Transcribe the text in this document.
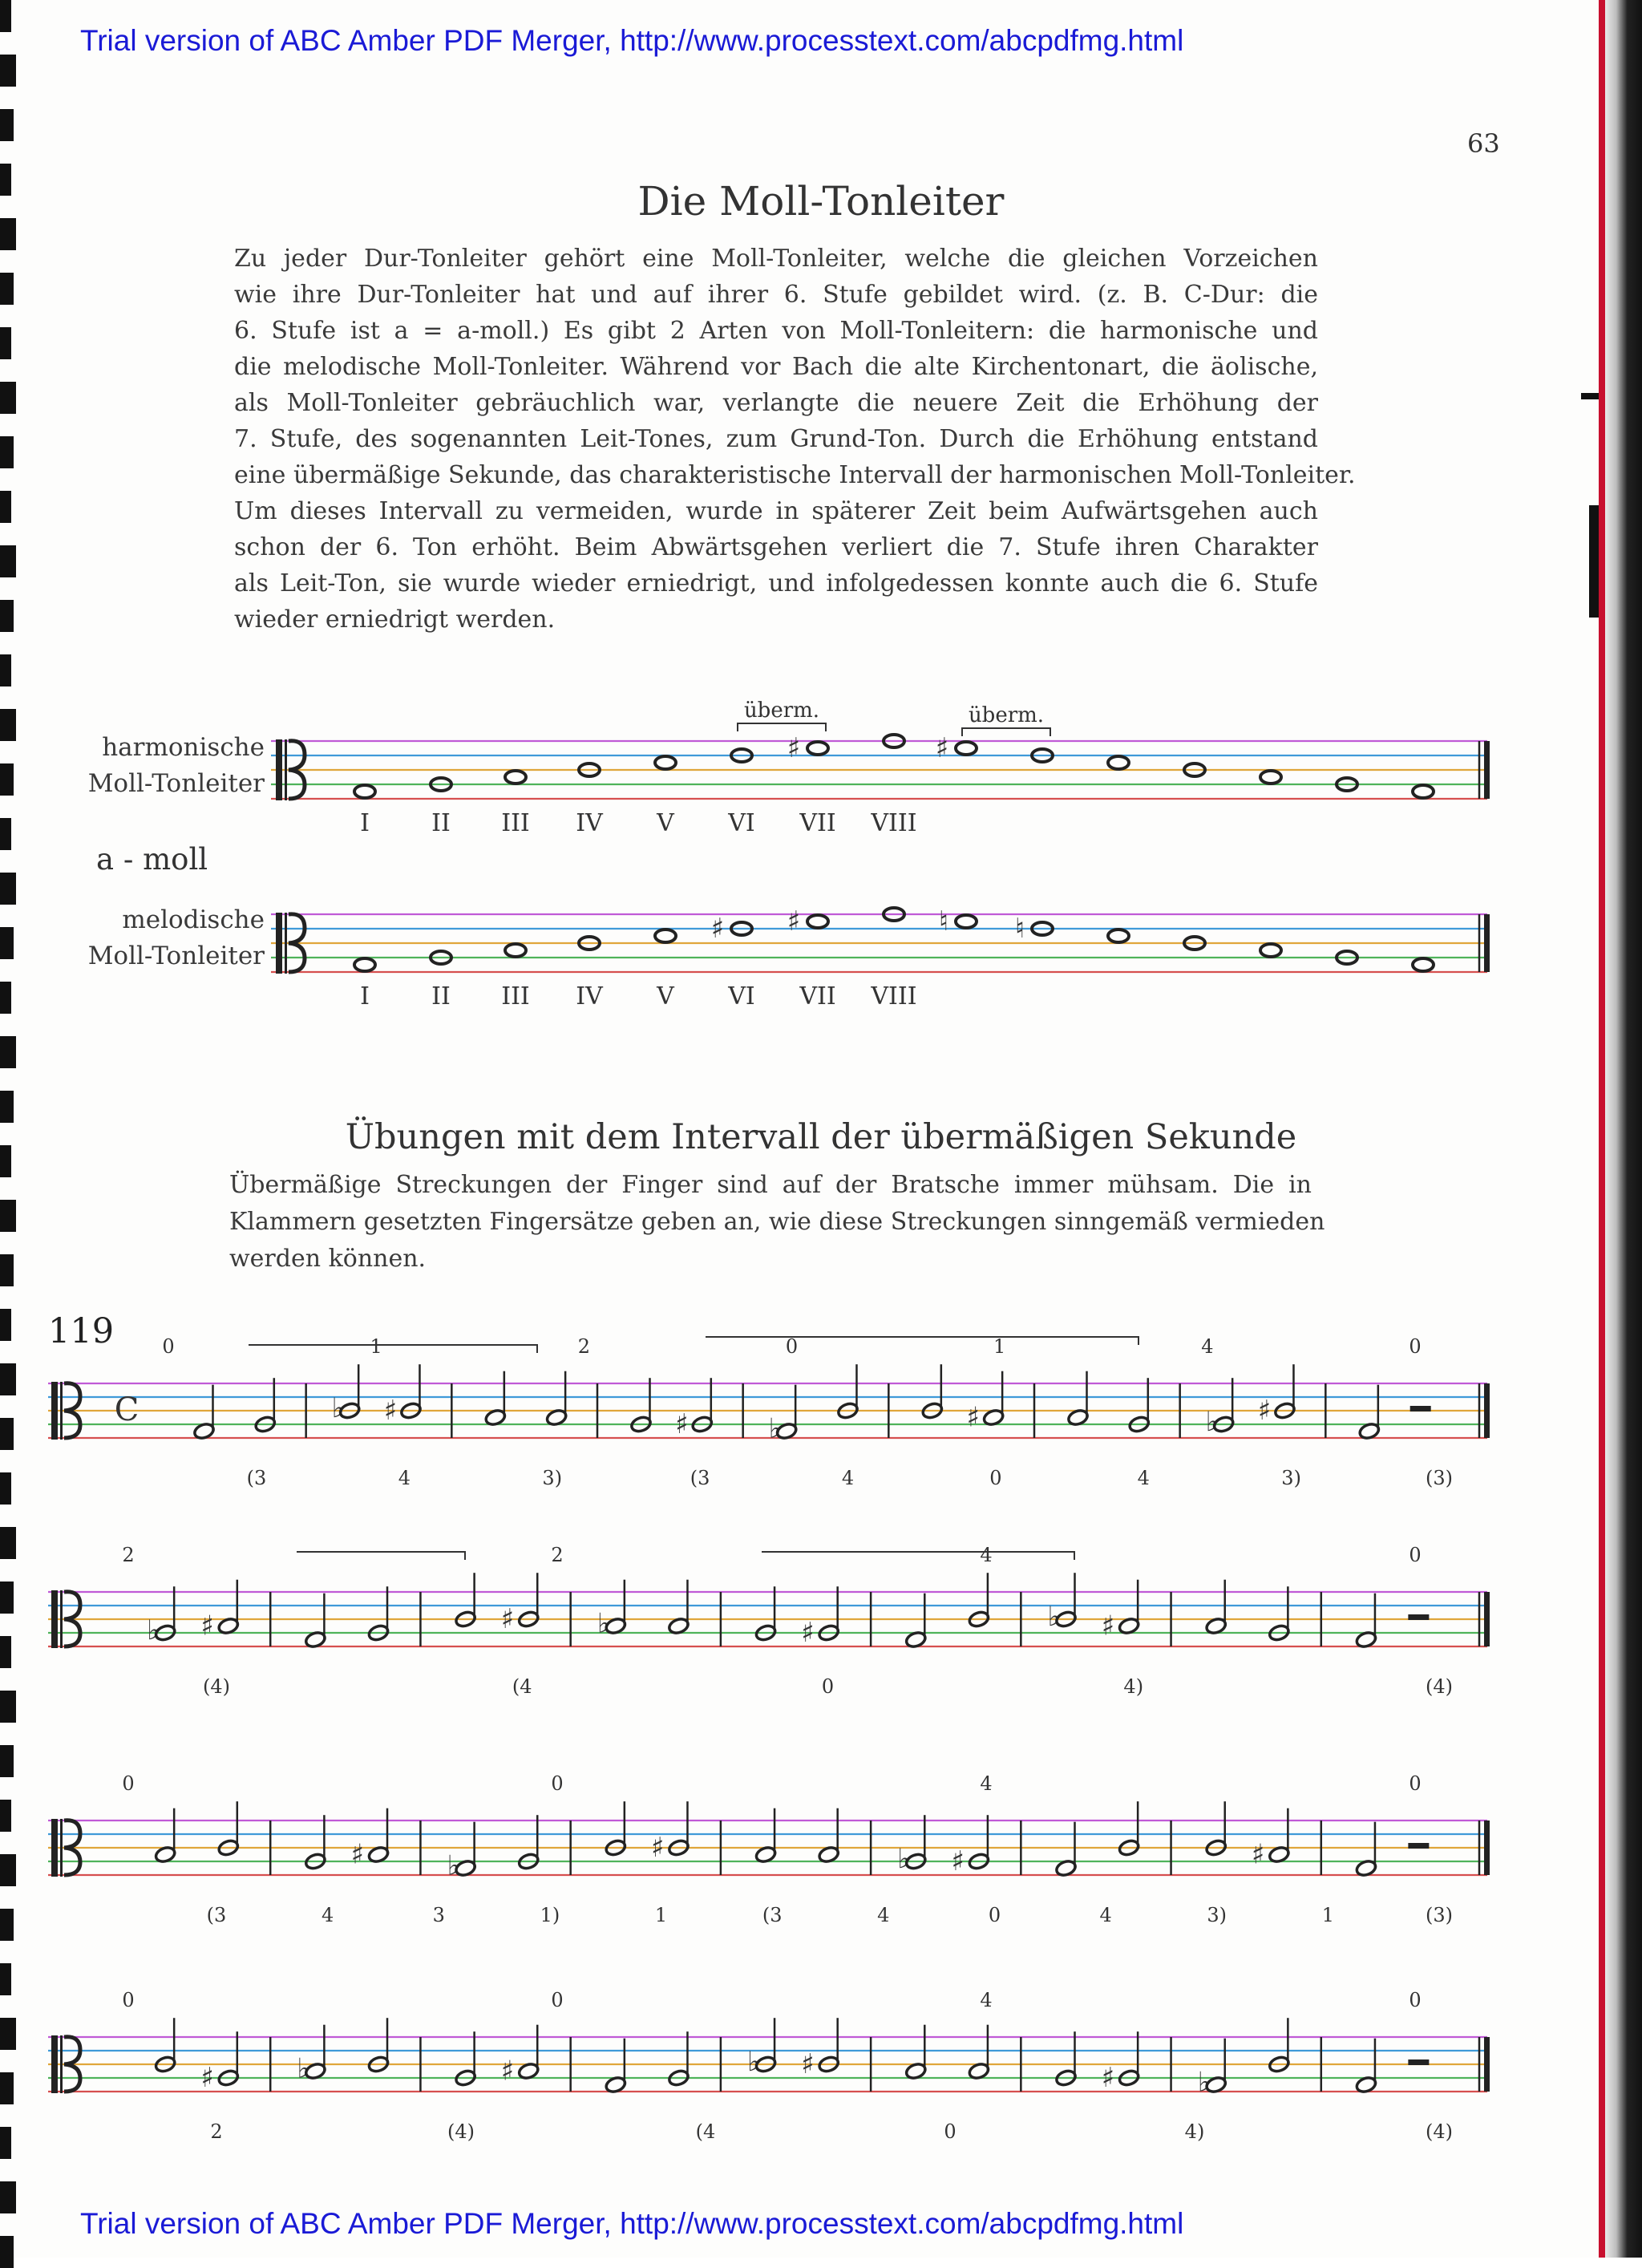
Trial version of ABC Amber PDF Merger, http://www.processtext.com/abcpdfmg.html
63
Die Moll-Tonleiter
Zu jeder Dur-Tonleiter gehört eine Moll-Tonleiter, welche die gleichen Vorzeichen
wie ihre Dur-Tonleiter hat und auf ihrer 6. Stufe gebildet wird. (z. B. C-Dur: die
6. Stufe ist a = a-moll.) Es gibt 2 Arten von Moll-Tonleitern: die harmonische und
die melodische Moll-Tonleiter. Während vor Bach die alte Kirchentonart, die äolische,
als Moll-Tonleiter gebräuchlich war, verlangte die neuere Zeit die Erhöhung der
7. Stufe, des sogenannten Leit-Tones, zum Grund-Ton. Durch die Erhöhung entstand
eine übermäßige Sekunde, das charakteristische Intervall der harmonischen Moll-Tonleiter.
Um dieses Intervall zu vermeiden, wurde in späterer Zeit beim Aufwärtsgehen auch
schon der 6. Ton erhöht. Beim Abwärtsgehen verliert die 7. Stufe ihren Charakter
als Leit-Ton, sie wurde wieder erniedrigt, und infolgedessen konnte auch die 6. Stufe
wieder erniedrigt werden.
harmonische
Moll-Tonleiter
a - moll
melodische
Moll-Tonleiter
♯	♯
I	II III IV V VI VII VIII
überm.	überm.
♯ ♯	♮ ♮
I	II III IV V VI VII VIII
C	♭ ♯	♯	♭	♯	♭ ♯
0	1	2	0	1	4	0
(3	4	3)	(3	4	0	4	3)	(3)
♭ ♯	♯	♭	♯	♭ ♯
2	2	4	0
(4)	(4	0	4)	(4)
♯	♭
♯	♭ ♯	♯
0	0	4	0
(3	4	3	1)	1	(3	4	0	4	3)	1	(3)
♯	♭	♯	♭ ♯	♯	♭
0	0	4	0
2	(4)	(4	0	4)	(4)
Übungen mit dem Intervall der übermäßigen Sekunde
Übermäßige Streckungen der Finger sind auf der Bratsche immer mühsam. Die in
Klammern gesetzten Fingersätze geben an, wie diese Streckungen sinngemäß vermieden
werden können.
119
Trial version of ABC Amber PDF Merger, http://www.processtext.com/abcpdfmg.html
